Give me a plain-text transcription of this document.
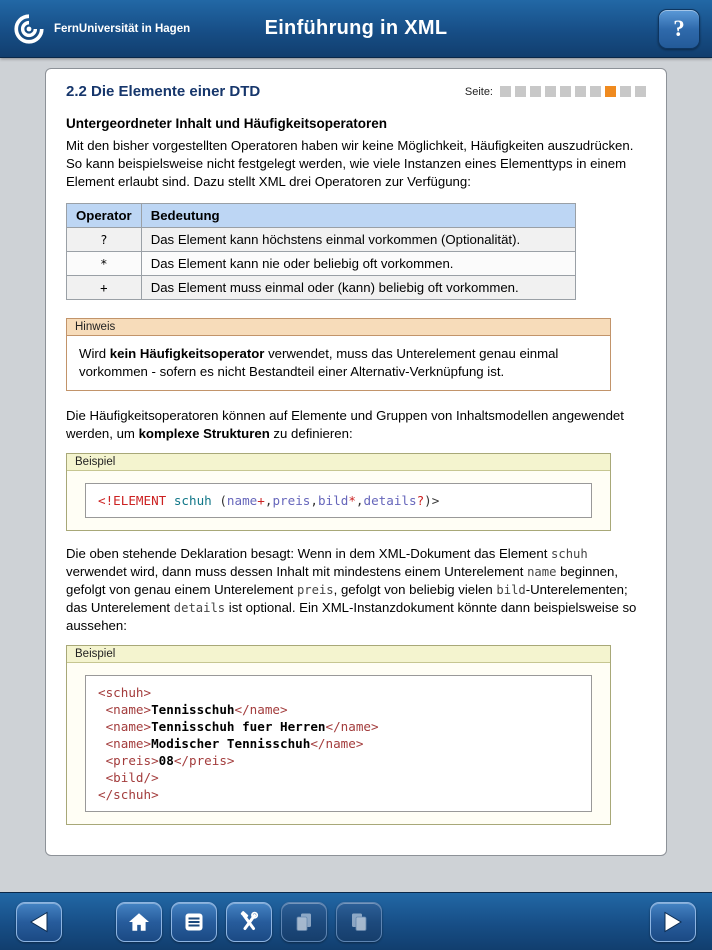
Einführung in XML
FernUniversität in Hagen	?
2.2 Die Elemente einer DTD	Seite:
Untergeordneter Inhalt und Häufigkeitsoperatoren

Mit den bisher vorgestellten Operatoren haben wir keine Möglichkeit, Häufigkeiten auszudrücken. So kann beispielsweise nicht festgelegt werden, wie viele Instanzen eines Elementtyps in einem Element erlaubt sind. Dazu stellt XML drei Operatoren zur Verfügung:

Operator	Bedeutung
?	Das Element kann höchstens einmal vorkommen (Optionalität).
*	Das Element kann nie oder beliebig oft vorkommen.
+	Das Element muss einmal oder (kann) beliebig oft vorkommen.
Hinweis
Wird kein Häufigkeitsoperator verwendet, muss das Unterelement genau einmal vorkommen - sofern es nicht Bestandteil einer Alternativ-Verknüpfung ist.

Die Häufigkeitsoperatoren können auf Elemente und Gruppen von Inhaltsmodellen angewendet werden, um komplexe Strukturen zu definieren:

Beispiel
<!ELEMENT schuh (name+,preis,bild*,details?)>

Die oben stehende Deklaration besagt: Wenn in dem XML-Dokument das Element schuh verwendet wird, dann muss dessen Inhalt mit mindestens einem Unterelement name beginnen, gefolgt von genau einem Unterelement preis, gefolgt von beliebig vielen bild-Unterelementen; das Unterelement details ist optional. Ein XML-Instanzdokument könnte dann beispielsweise so aussehen:

Beispiel
<schuh>
<name>Tennisschuh</name>
<name>Tennisschuh fuer Herren</name>
<name>Modischer Tennisschuh</name>
<preis>08</preis>
<bild/>
</schuh>
